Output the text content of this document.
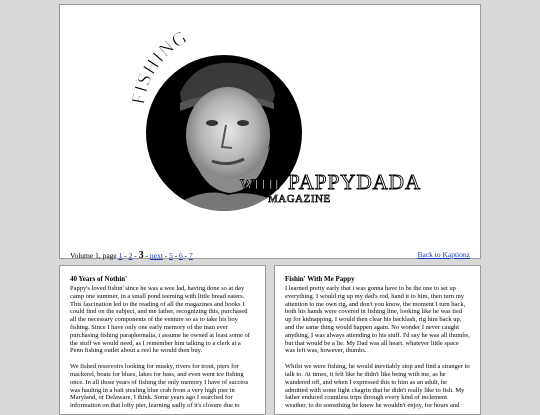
FISHING
WITH PAPPYDADA
MAGAZINE
Volume 1, page 1 - 2 - 3 - next - 5 - 6 - 7	Back to Kaptionz
40 Years of Nothin'

Pappy's loved fishin' since he was a wee lad, having done so at day camp one summer, in a small pond teeming with little bread eaters. This fascination led to the reading of all the magazines and books I could find on the subject, and me father, recognizing this, purchased all the necessary components of the venture so as to take his boy fishing. Since I have only one early memory of the man ever purchasing fishing paraphernalia, i assume he owned at least some of the stuff we would need, as I remember him talking to a clerk at a Penn fishing outlet about a reel he would then buy.

We fished reservoirs looking for musky, rivers for trout, piers for mackerel, boats for blues, lakes for bass, and even went ice fishing once. In all those years of fishing the only memory I have of success was hauling in a bait stealing blue crab from a very high pier in Maryland, or Delaware, I think. Some years ago I searched for information on that lofty pier, learning sadly of it's closure due to

Fishin' With Me Pappy

I learned pretty early that i was gonna have to be the one to set up everything. I would rig up my dad's rod, hand it to him, then turn my attention to me own rig, and don't you know, the moment I turn back, both his hands were covered in fishing line, looking like he was tied up for kidnapping. I would then clear his backlash, rig him back up, and the same thing would happen again. No wonder I never caught anything, I was always attending to his stuff. I'd say he was all thumbs, but that would be a lie. My Dad was all heart. whatever little space was left was, however, thumbs.

Whilst we were fishing, he would inevitably stop and find a stranger to talk to. At times, it felt like he didn't like being with me, as he wandered off, and when I expressed this to him as an adult, he admitted with some light chagrin that he didn't really like to fish. My father endured countless trips through every kind of inclement weather, to do something he knew he wouldn't enjoy, for hours and
